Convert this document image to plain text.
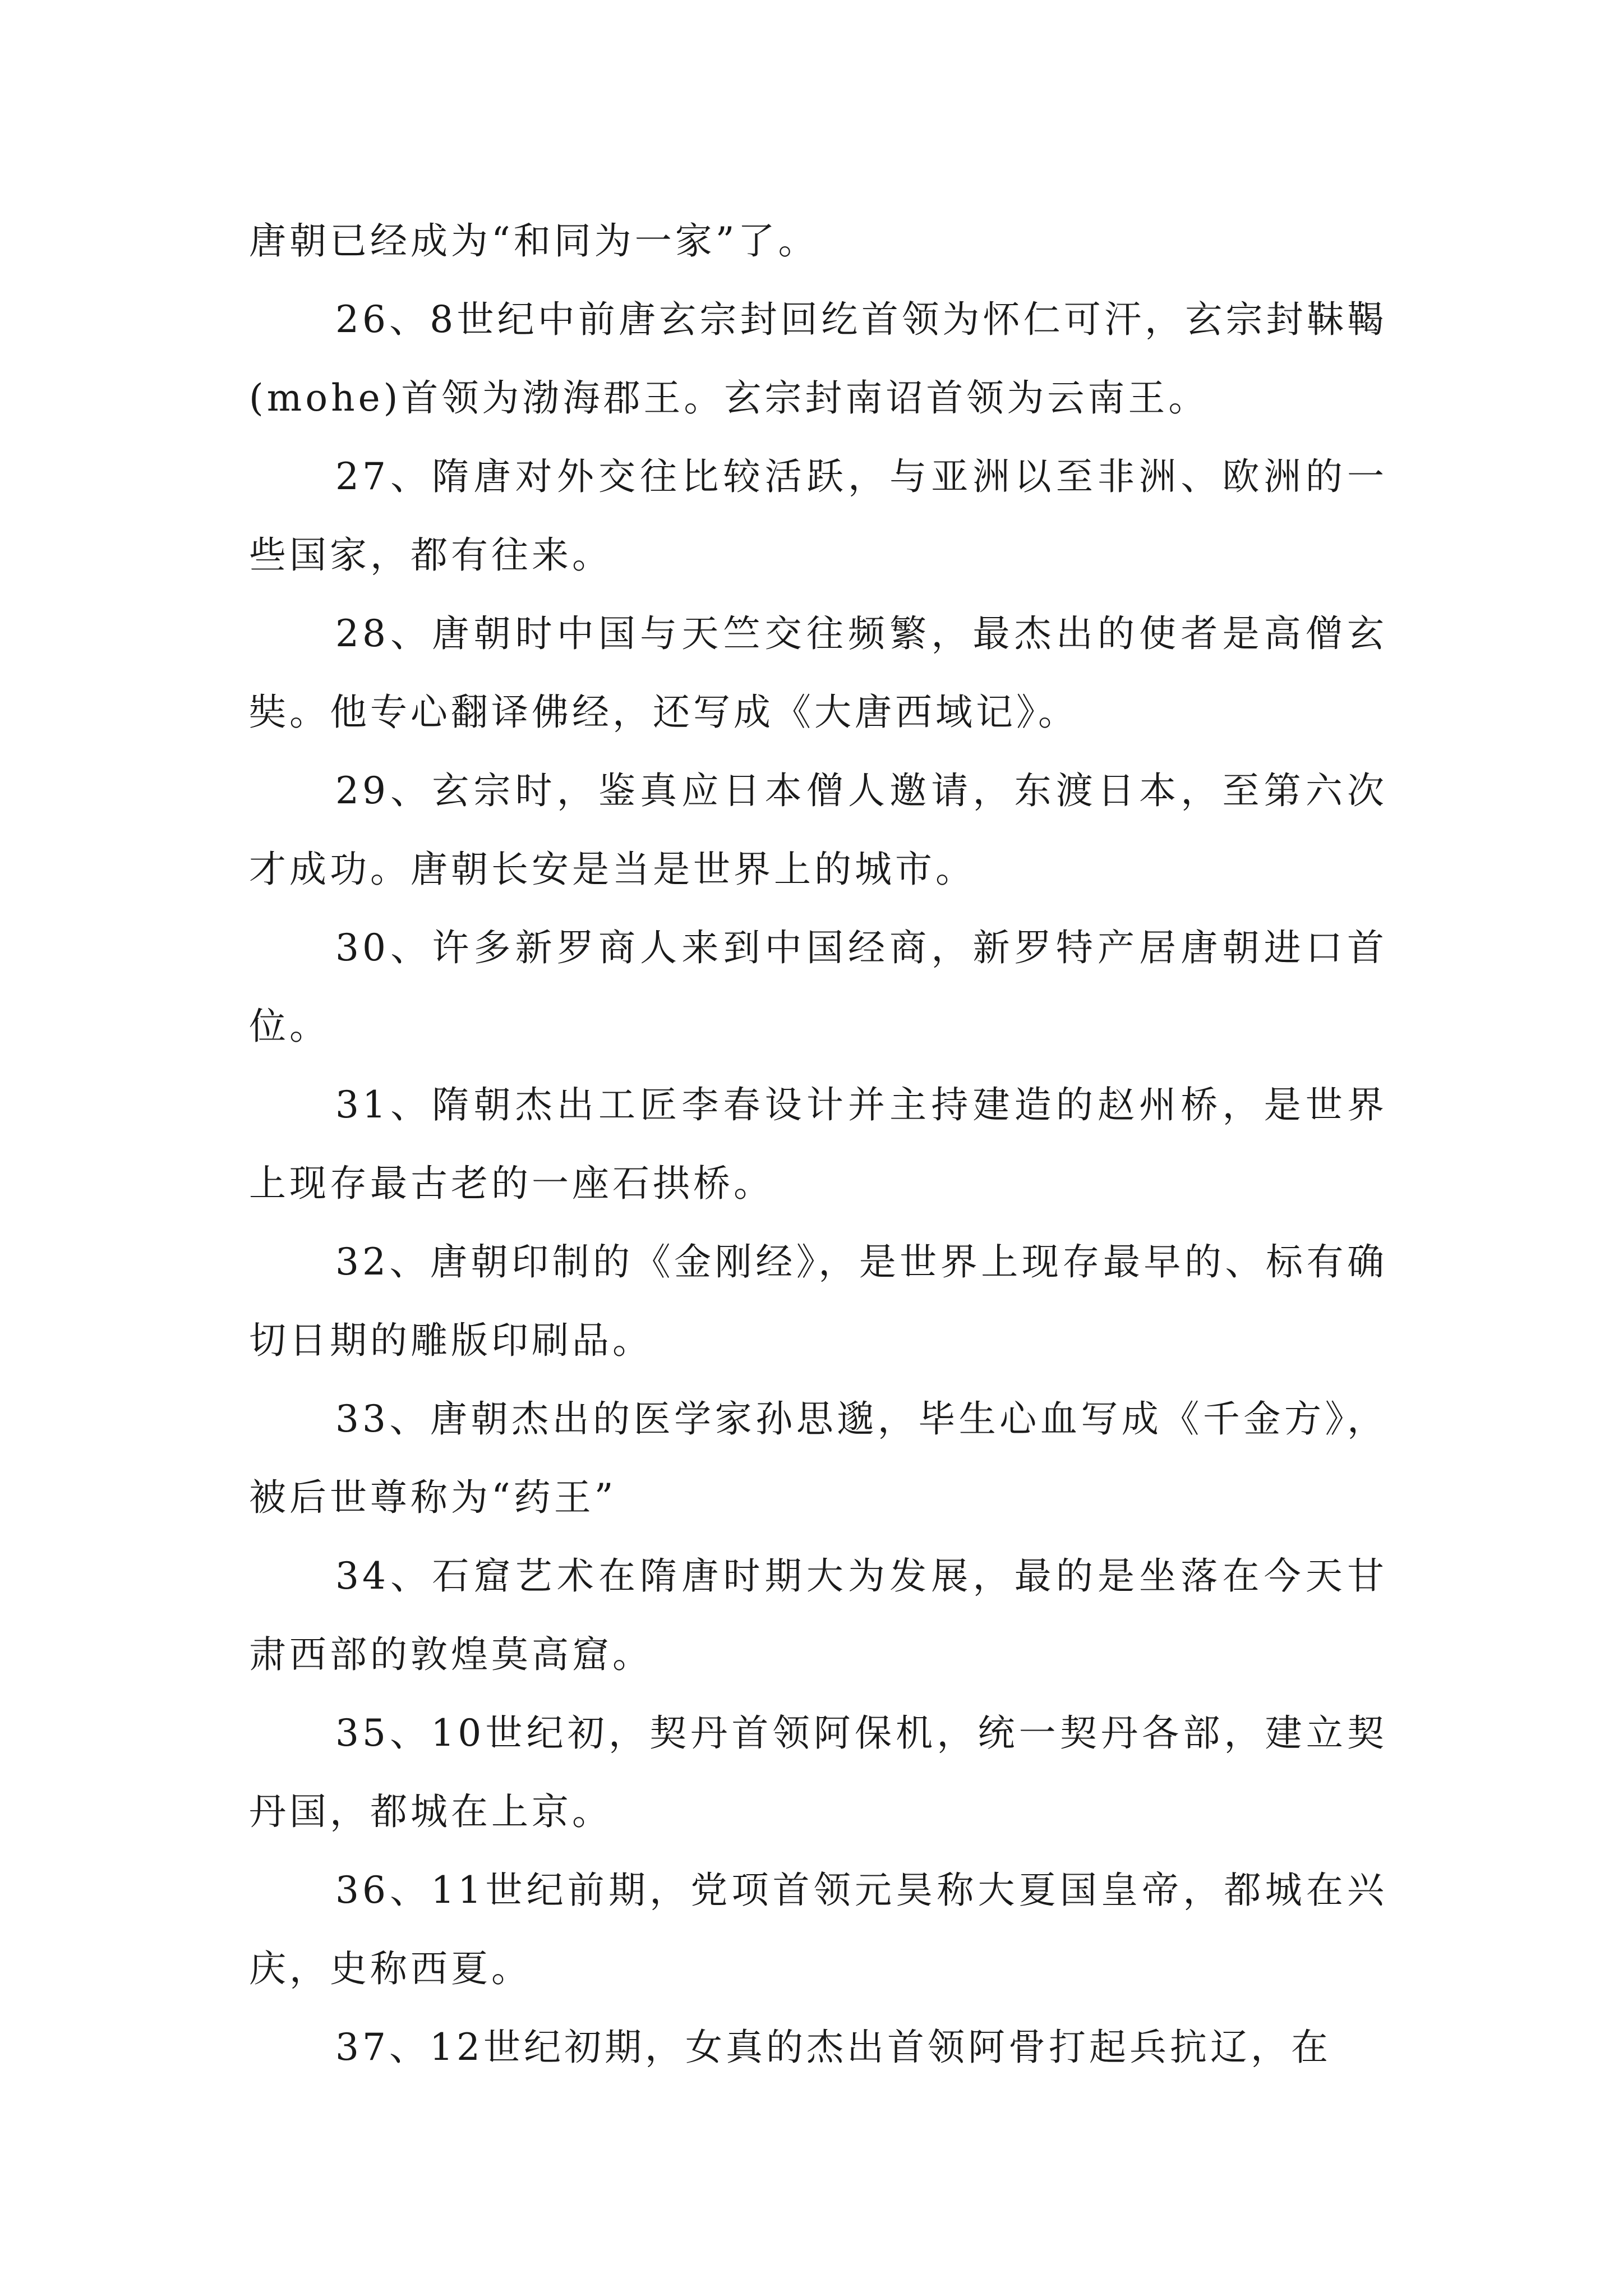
唐朝已经成为“和同为一家”了。

26、8世纪中前唐玄宗封回纥首领为怀仁可汗，玄宗封靺鞨(mohe)首领为渤海郡王。玄宗封南诏首领为云南王。

27、隋唐对外交往比较活跃，与亚洲以至非洲、欧洲的一些国家，都有往来。

28、唐朝时中国与天竺交往频繁，最杰出的使者是高僧玄奘。他专心翻译佛经，还写成《大唐西域记》。

29、玄宗时，鉴真应日本僧人邀请，东渡日本，至第六次才成功。唐朝长安是当是世界上的城市。

30、许多新罗商人来到中国经商，新罗特产居唐朝进口首位。

31、隋朝杰出工匠李春设计并主持建造的赵州桥，是世界上现存最古老的一座石拱桥。

32、唐朝印制的《金刚经》，是世界上现存最早的、标有确切日期的雕版印刷品。

33、唐朝杰出的医学家孙思邈，毕生心血写成《千金方》，被后世尊称为“药王”

34、石窟艺术在隋唐时期大为发展，最的是坐落在今天甘肃西部的敦煌莫高窟。

35、10世纪初，契丹首领阿保机，统一契丹各部，建立契丹国，都城在上京。

36、11世纪前期，党项首领元昊称大夏国皇帝，都城在兴庆，史称西夏。

37、12世纪初期，女真的杰出首领阿骨打起兵抗辽，在
